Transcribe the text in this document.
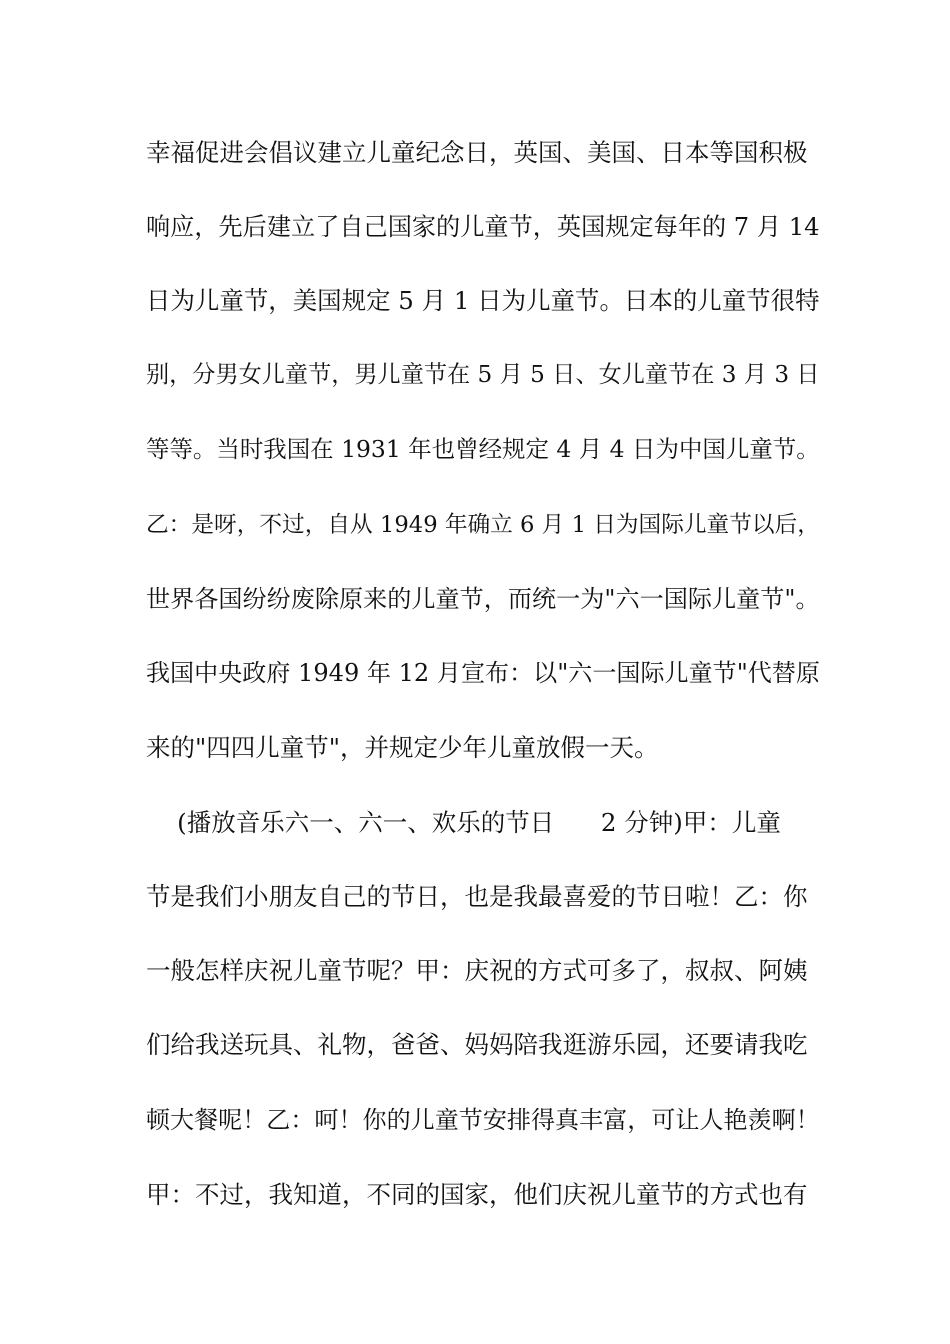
幸福促进会倡议建立儿童纪念日，英国、美国、日本等国积极
响应，先后建立了自己国家的儿童节，英国规定每年的 7 月 14
日为儿童节，美国规定 5 月 1 日为儿童节。日本的儿童节很特
别，分男女儿童节，男儿童节在 5 月 5 日、女儿童节在 3 月 3 日
等等。当时我国在 1931 年也曾经规定 4 月 4 日为中国儿童节。
乙：是呀，不过，自从 1949 年确立 6 月 1 日为国际儿童节以后，
世界各国纷纷废除原来的儿童节，而统一为"六一国际儿童节"。
我国中央政府 1949 年 12 月宣布：以"六一国际儿童节"代替原
来的"四四儿童节"，并规定少年儿童放假一天。
(播放音乐六一、六一、欢乐的节日      2 分钟)甲：儿童
节是我们小朋友自己的节日，也是我最喜爱的节日啦！乙：你
一般怎样庆祝儿童节呢？甲：庆祝的方式可多了，叔叔、阿姨
们给我送玩具、礼物，爸爸、妈妈陪我逛游乐园，还要请我吃
顿大餐呢！乙：呵！你的儿童节安排得真丰富，可让人艳羡啊！
甲：不过，我知道，不同的国家，他们庆祝儿童节的方式也有
